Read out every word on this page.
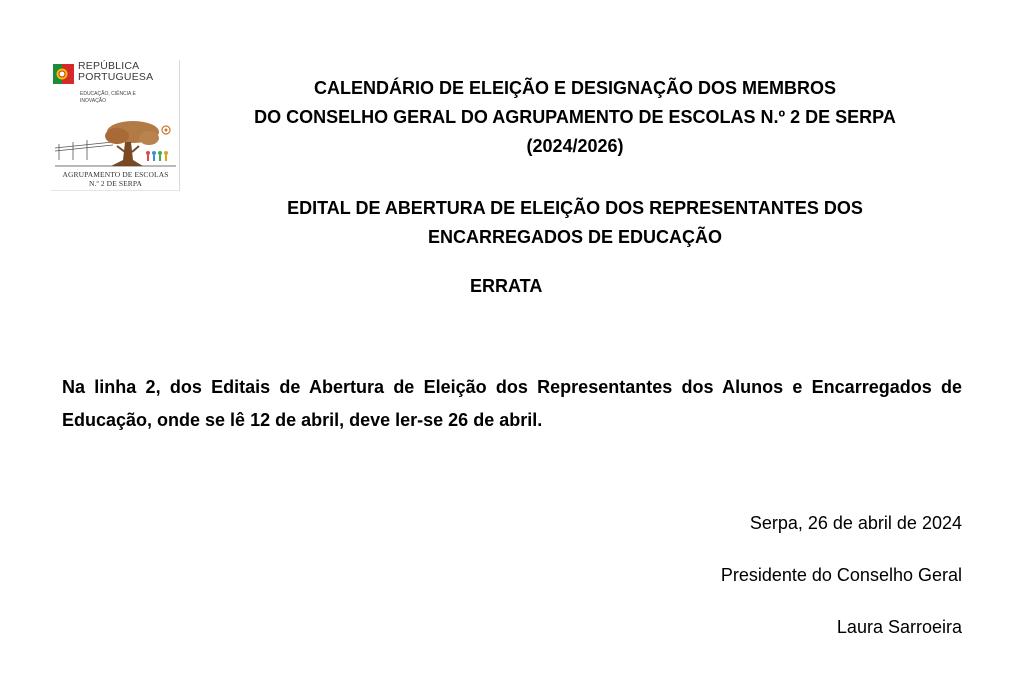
REPÚBLICA
PORTUGUESA
EDUCAÇÃO, CIÊNCIA E INOVAÇÃO
AGRUPAMENTO DE ESCOLAS
N.º 2 DE SERPA
CALENDÁRIO DE ELEIÇÃO E DESIGNAÇÃO DOS MEMBROS
DO CONSELHO GERAL DO AGRUPAMENTO DE ESCOLAS N.º 2 DE SERPA
(2024/2026)
EDITAL DE ABERTURA DE ELEIÇÃO DOS REPRESENTANTES DOS
ENCARREGADOS DE EDUCAÇÃO

ERRATA

Na linha 2, dos Editais de Abertura de Eleição dos Representantes dos Alunos e Encarregados de Educação, onde se lê 12 de abril, deve ler-se 26 de abril.

Serpa, 26 de abril de 2024

Presidente do Conselho Geral

Laura Sarroeira
